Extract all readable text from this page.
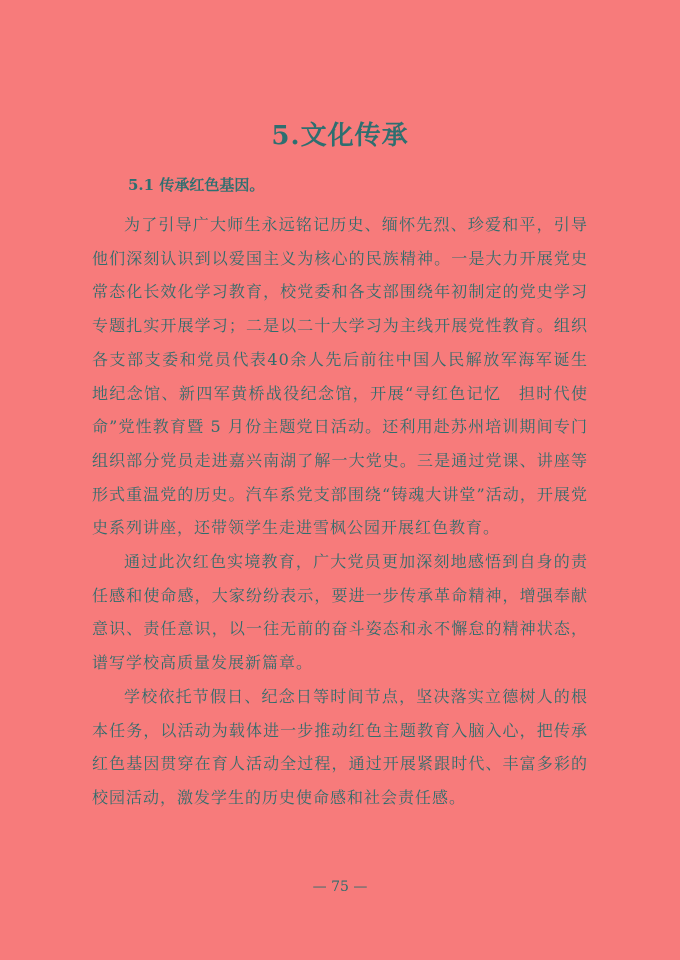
5.文化传承
5.1 传承红色基因。

为了引导广大师生永远铭记历史、缅怀先烈、珍爱和平，引导他们深刻认识到以爱国主义为核心的民族精神。一是大力开展党史常态化长效化学习教育，校党委和各支部围绕年初制定的党史学习专题扎实开展学习；二是以二十大学习为主线开展党性教育。组织各支部支委和党员代表40余人先后前往中国人民解放军海军诞生地纪念馆、新四军黄桥战役纪念馆，开展“寻红色记忆　担时代使命”党性教育暨 5 月份主题党日活动。还利用赴苏州培训期间专门组织部分党员走进嘉兴南湖了解一大党史。三是通过党课、讲座等形式重温党的历史。汽车系党支部围绕“铸魂大讲堂”活动，开展党史系列讲座，还带领学生走进雪枫公园开展红色教育。

通过此次红色实境教育，广大党员更加深刻地感悟到自身的责任感和使命感，大家纷纷表示，要进一步传承革命精神，增强奉献意识、责任意识，以一往无前的奋斗姿态和永不懈怠的精神状态，谱写学校高质量发展新篇章。

学校依托节假日、纪念日等时间节点，坚决落实立德树人的根本任务，以活动为载体进一步推动红色主题教育入脑入心，把传承红色基因贯穿在育人活动全过程，通过开展紧跟时代、丰富多彩的校园活动，激发学生的历史使命感和社会责任感。

— 75 —
